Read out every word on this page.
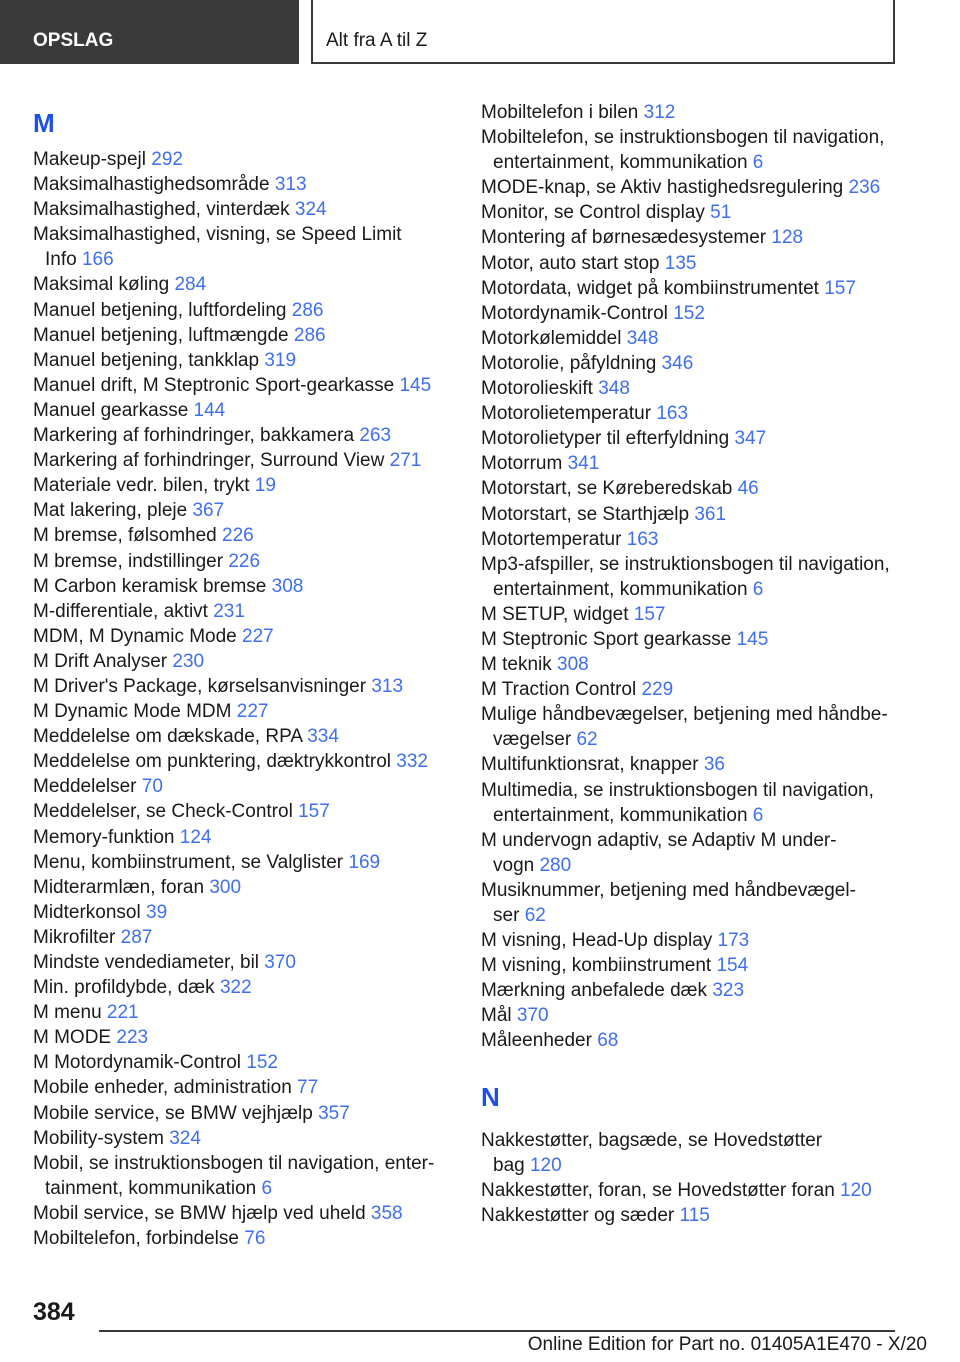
OPSLAG	Alt fra A til Z
M
Makeup-spejl 292
Maksimalhastighedsområde 313
Maksimalhastighed, vinterdæk 324
Maksimalhastighed, visning, se Speed Limit
Info 166
Maksimal køling 284
Manuel betjening, luftfordeling 286
Manuel betjening, luftmængde 286
Manuel betjening, tankklap 319
Manuel drift, M Steptronic Sport-gearkasse 145
Manuel gearkasse 144
Markering af forhindringer, bakkamera 263
Markering af forhindringer, Surround View 271
Materiale vedr. bilen, trykt 19
Mat lakering, pleje 367
M bremse, følsomhed 226
M bremse, indstillinger 226
M Carbon keramisk bremse 308
M-differentiale, aktivt 231
MDM, M Dynamic Mode 227
M Drift Analyser 230
M Driver's Package, kørselsanvisninger 313
M Dynamic Mode MDM 227
Meddelelse om dækskade, RPA 334
Meddelelse om punktering, dæktrykkontrol 332
Meddelelser 70
Meddelelser, se Check-Control 157
Memory-funktion 124
Menu, kombiinstrument, se Valglister 169
Midterarmlæn, foran 300
Midterkonsol 39
Mikrofilter 287
Mindste vendediameter, bil 370
Min. profildybde, dæk 322
M menu 221
M MODE 223
M Motordynamik-Control 152
Mobile enheder, administration 77
Mobile service, se BMW vejhjælp 357
Mobility-system 324
Mobil, se instruktionsbogen til navigation, enter-
tainment, kommunikation 6
Mobil service, se BMW hjælp ved uheld 358
Mobiltelefon, forbindelse 76
Mobiltelefon i bilen 312
Mobiltelefon, se instruktionsbogen til navigation,
entertainment, kommunikation 6
MODE-knap, se Aktiv hastighedsregulering 236
Monitor, se Control display 51
Montering af børnesædesystemer 128
Motor, auto start stop 135
Motordata, widget på kombiinstrumentet 157
Motordynamik-Control 152
Motorkølemiddel 348
Motorolie, påfyldning 346
Motorolieskift 348
Motorolietemperatur 163
Motorolietyper til efterfyldning 347
Motorrum 341
Motorstart, se Køreberedskab 46
Motorstart, se Starthjælp 361
Motortemperatur 163
Mp3-afspiller, se instruktionsbogen til navigation,
entertainment, kommunikation 6
M SETUP, widget 157
M Steptronic Sport gearkasse 145
M teknik 308
M Traction Control 229
Mulige håndbevægelser, betjening med håndbe-
vægelser 62
Multifunktionsrat, knapper 36
Multimedia, se instruktionsbogen til navigation,
entertainment, kommunikation 6
M undervogn adaptiv, se Adaptiv M under-
vogn 280
Musiknummer, betjening med håndbevægel-
ser 62
M visning, Head-Up display 173
M visning, kombiinstrument 154
Mærkning anbefalede dæk 323
Mål 370
Måleenheder 68
N
Nakkestøtter, bagsæde, se Hovedstøtter
bag 120
Nakkestøtter, foran, se Hovedstøtter foran 120
Nakkestøtter og sæder 115
384
Online Edition for Part no. 01405A1E470 - X/20
